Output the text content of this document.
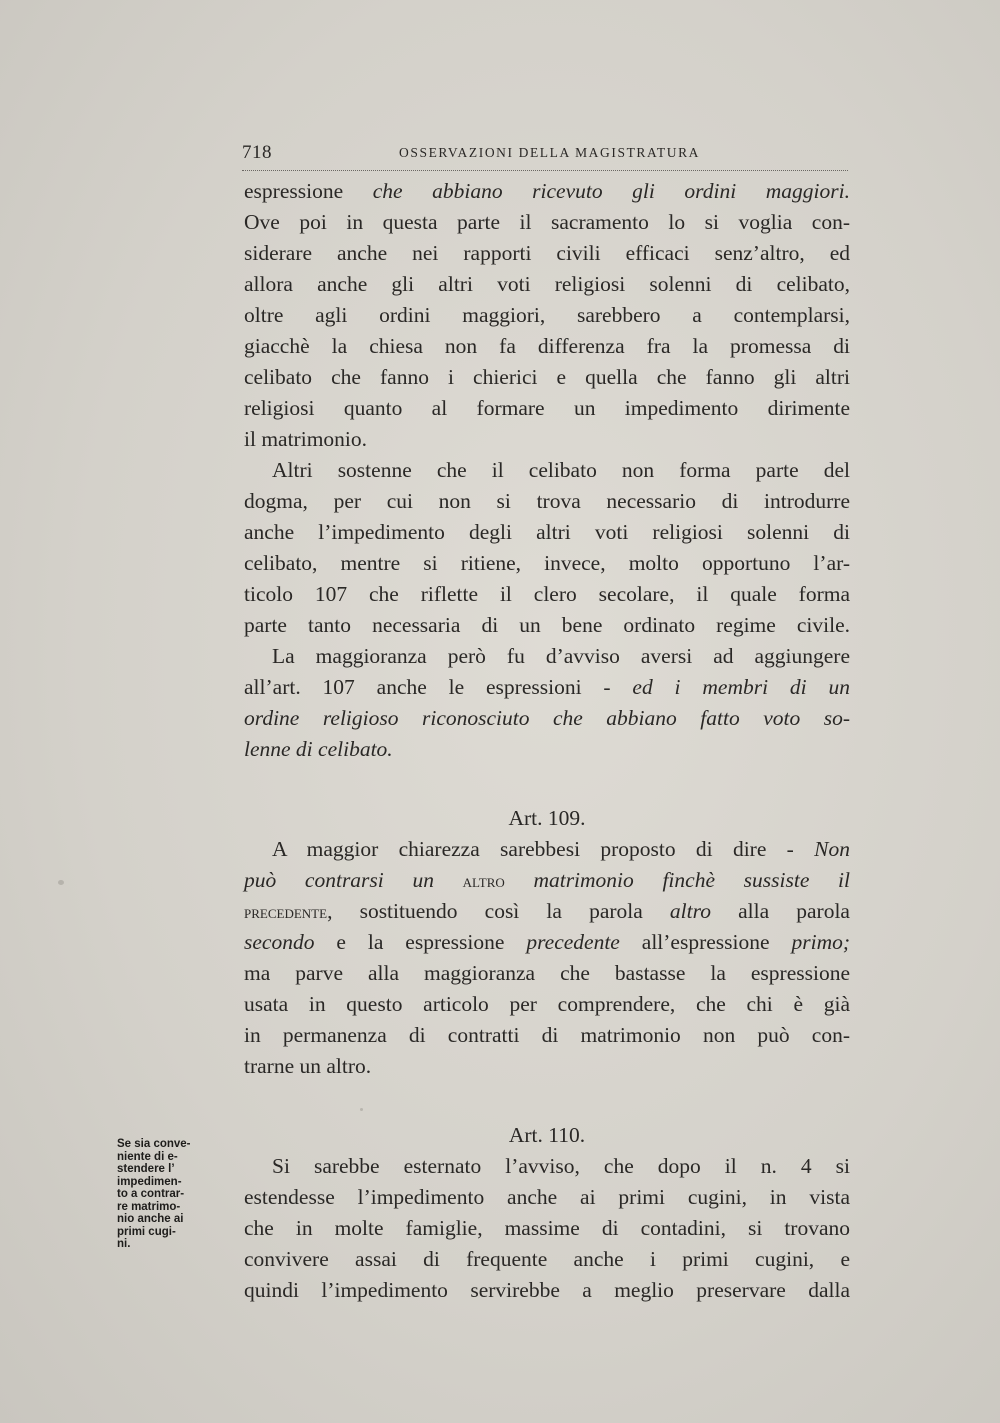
718	OSSERVAZIONI DELLA MAGISTRATURA
espressione che abbiano ricevuto gli ordini maggiori.
Ove poi in questa parte il sacramento lo si voglia con-
siderare anche nei rapporti civili efficaci senz’altro, ed
allora anche gli altri voti religiosi solenni di celibato,
oltre agli ordini maggiori, sarebbero a contemplarsi,
giacchè la chiesa non fa differenza fra la promessa di
celibato che fanno i chierici e quella che fanno gli altri
religiosi quanto al formare un impedimento dirimente
il matrimonio.
Altri sostenne che il celibato non forma parte del
dogma, per cui non si trova necessario di introdurre
anche l’impedimento degli altri voti religiosi solenni di
celibato, mentre si ritiene, invece, molto opportuno l’ar-
ticolo 107 che riflette il clero secolare, il quale forma
parte tanto necessaria di un bene ordinato regime civile.
La maggioranza però fu d’avviso aversi ad aggiungere
all’art. 107 anche le espressioni - ed i membri di un
ordine religioso riconosciuto che abbiano fatto voto so-
lenne di celibato.
Art. 109.
A maggior chiarezza sarebbesi proposto di dire - Non
può contrarsi un altro matrimonio finchè sussiste il
precedente, sostituendo così la parola altro alla parola
secondo e la espressione precedente all’espressione primo;
ma parve alla maggioranza che bastasse la espressione
usata in questo articolo per comprendere, che chi è già
in permanenza di contratti di matrimonio non può con-
trarne un altro.
Art. 110.
Si sarebbe esternato l’avviso, che dopo il n. 4 si
estendesse l’impedimento anche ai primi cugini, in vista
che in molte famiglie, massime di contadini, si trovano
convivere assai di frequente anche i primi cugini, e
quindi l’impedimento servirebbe a meglio preservare dalla
Se sia conve-
niente di e-
stendere l’
impedimen-
to a contrar-
re matrimo-
nio anche ai
primi cugi-
ni.
